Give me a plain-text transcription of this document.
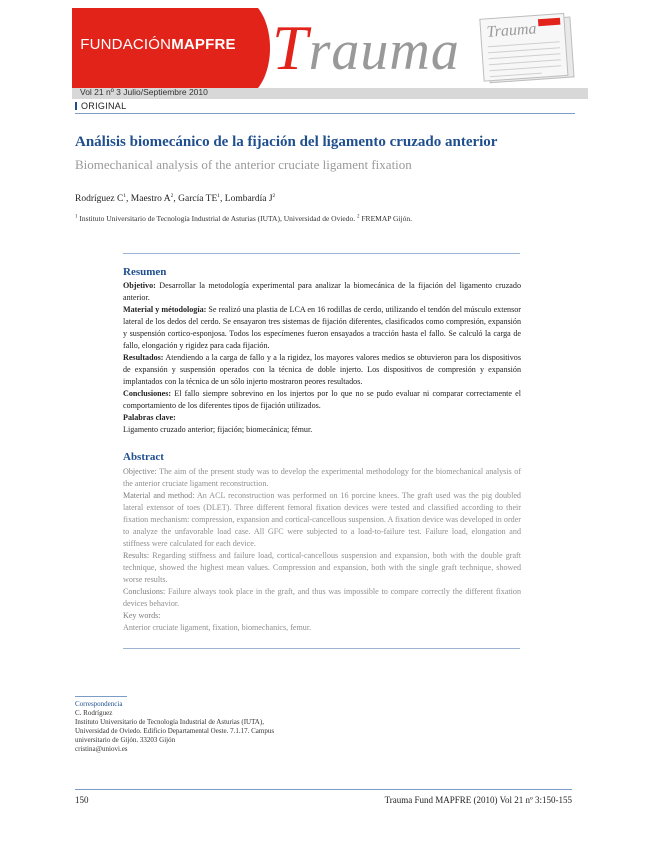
FUNDACIÓNMAPFRE Trauma Trauma
Vol 21 nº 3 Julio/Septiembre 2010
ORIGINAL
Análisis biomecánico de la fijación del ligamento cruzado anterior
Biomechanical analysis of the anterior cruciate ligament fixation
Rodríguez $C^1$, Maestro $A^2$, García $TE^1$, Lombardía $J^2$
$^1$ Instituto Universitario de Tecnología Industrial de Asturias (IUTA), Universidad de Oviedo. $^2$ FREMAP Gijón.
Resumen

Objetivo: Desarrollar la metodología experimental para analizar la biomecánica de la fijación del ligamento cruzado anterior.

Material y métodología: Se realizó una plastia de LCA en 16 rodillas de cerdo, utilizando el tendón del músculo extensor lateral de los dedos del cerdo. Se ensayaron tres sistemas de fijación diferentes, clasificados como compresión, expansión y suspensión cortico-esponjosa. Todos los especímenes fueron ensayados a tracción hasta el fallo. Se calculó la carga de fallo, elongación y rigidez para cada fijación.

Resultados: Atendiendo a la carga de fallo y a la rigidez, los mayores valores medios se obtuvieron para los dispositivos de expansión y suspensión operados con la técnica de doble injerto. Los dispositivos de compresión y expansión implantados con la técnica de un sólo injerto mostraron peores resultados.

Conclusiones: El fallo siempre sobrevino en los injertos por lo que no se pudo evaluar ni comparar correctamente el comportamiento de los diferentes tipos de fijación utilizados.

Palabras clave:

Ligamento cruzado anterior; fijación; biomecánica; fémur.

Abstract

Objective: The aim of the present study was to develop the experimental methodology for the biomechanical analysis of the anterior cruciate ligament reconstruction.

Material and method: An ACL reconstruction was performed on 16 porcine knees. The graft used was the pig doubled lateral extensor of toes (DLET). Three different femoral fixation devices were tested and classified according to their fixation mechanism: compression, expansion and cortical-cancellous suspension. A fixation device was developed in order to analyze the unfavorable load case. All GFC were subjected to a load-to-failure test. Failure load, elongation and stiffness were calculated for each device.

Results: Regarding stiffness and failure load, cortical-cancellous suspension and expansion, both with the double graft technique, showed the highest mean values. Compression and expansion, both with the single graft technique, showed worse results.

Conclusions: Failure always took place in the graft, and thus was impossible to compare correctly the different fixation devices behavior.

Key words:

Anterior cruciate ligament, fixation, biomechanics, femur.

Correspondencia
C. Rodríguez
Instituto Universitario de Tecnología Industrial de Asturias (IUTA),
Universidad de Oviedo. Edificio Departamental Oeste. 7.1.17. Campus
universitario de Gijón. 33203 Gijón
cristina@uniovi.es
150	Trauma Fund MAPFRE (2010) Vol 21 nº 3:150-155
